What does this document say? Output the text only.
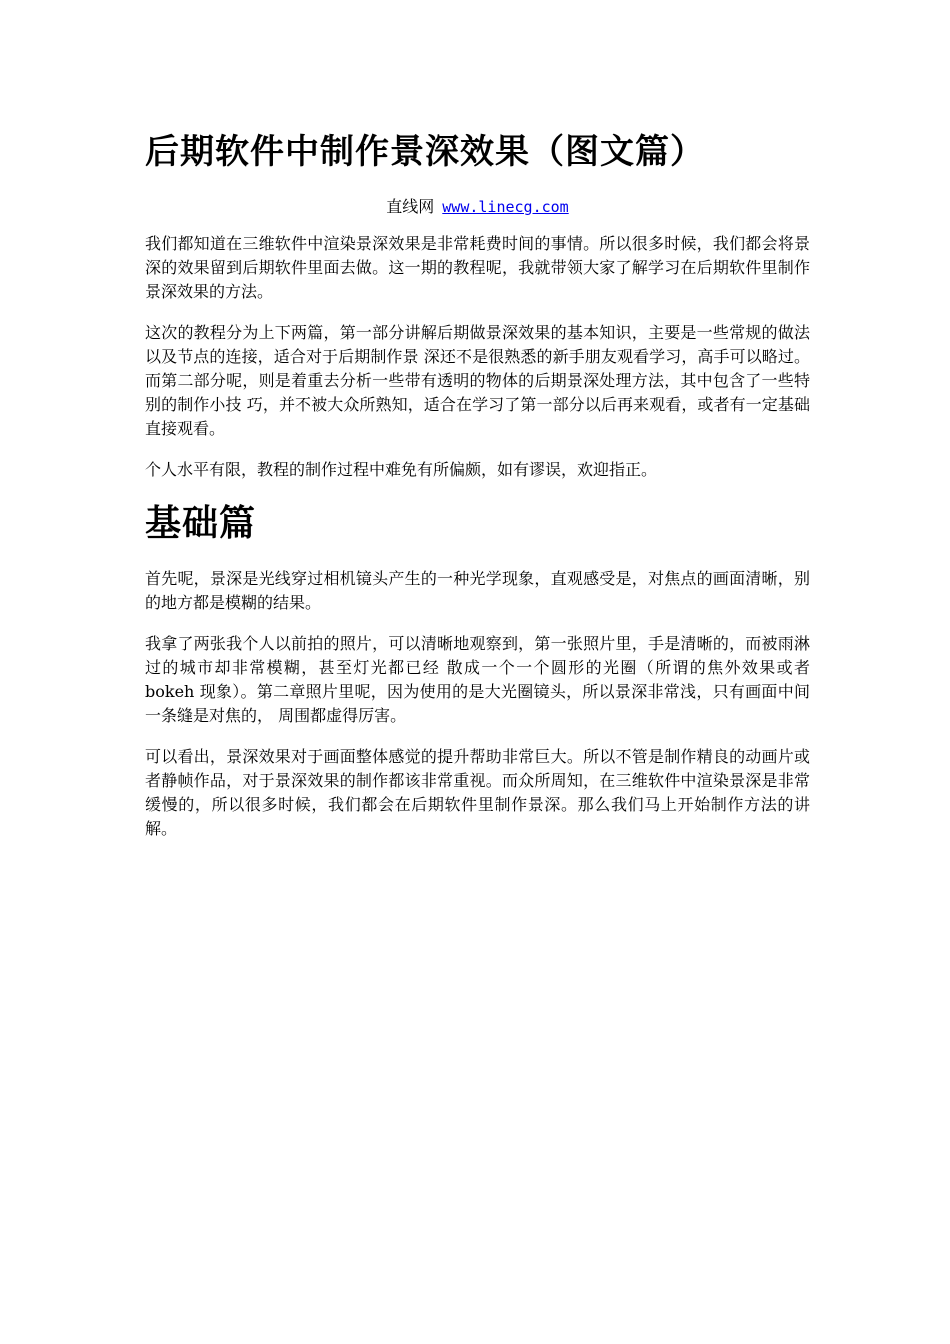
后期软件中制作景深效果（图文篇）
直线网 www.linecg.com

我们都知道在三维软件中渲染景深效果是非常耗费时间的事情。所以很多时候，我们都会将景深的效果留到后期软件里面去做。这一期的教程呢，我就带领大家了解学习在后期软件里制作景深效果的方法。

这次的教程分为上下两篇，第一部分讲解后期做景深效果的基本知识，主要是一些常规的做法以及节点的连接，适合对于后期制作景 深还不是很熟悉的新手朋友观看学习，高手可以略过。而第二部分呢，则是着重去分析一些带有透明的物体的后期景深处理方法，其中包含了一些特别的制作小技 巧，并不被大众所熟知，适合在学习了第一部分以后再来观看，或者有一定基础直接观看。

个人水平有限，教程的制作过程中难免有所偏颇，如有谬误，欢迎指正。

基础篇

首先呢，景深是光线穿过相机镜头产生的一种光学现象，直观感受是，对焦点的画面清晰，别的地方都是模糊的结果。

我拿了两张我个人以前拍的照片，可以清晰地观察到，第一张照片里，手是清晰的，而被雨淋过的城市却非常模糊，甚至灯光都已经 散成一个一个圆形的光圈（所谓的焦外效果或者 bokeh 现象）。第二章照片里呢，因为使用的是大光圈镜头，所以景深非常浅，只有画面中间一条缝是对焦的， 周围都虚得厉害。

可以看出，景深效果对于画面整体感觉的提升帮助非常巨大。所以不管是制作精良的动画片或者静帧作品，对于景深效果的制作都该非常重视。而众所周知，在三维软件中渲染景深是非常缓慢的，所以很多时候，我们都会在后期软件里制作景深。那么我们马上开始制作方法的讲解。
